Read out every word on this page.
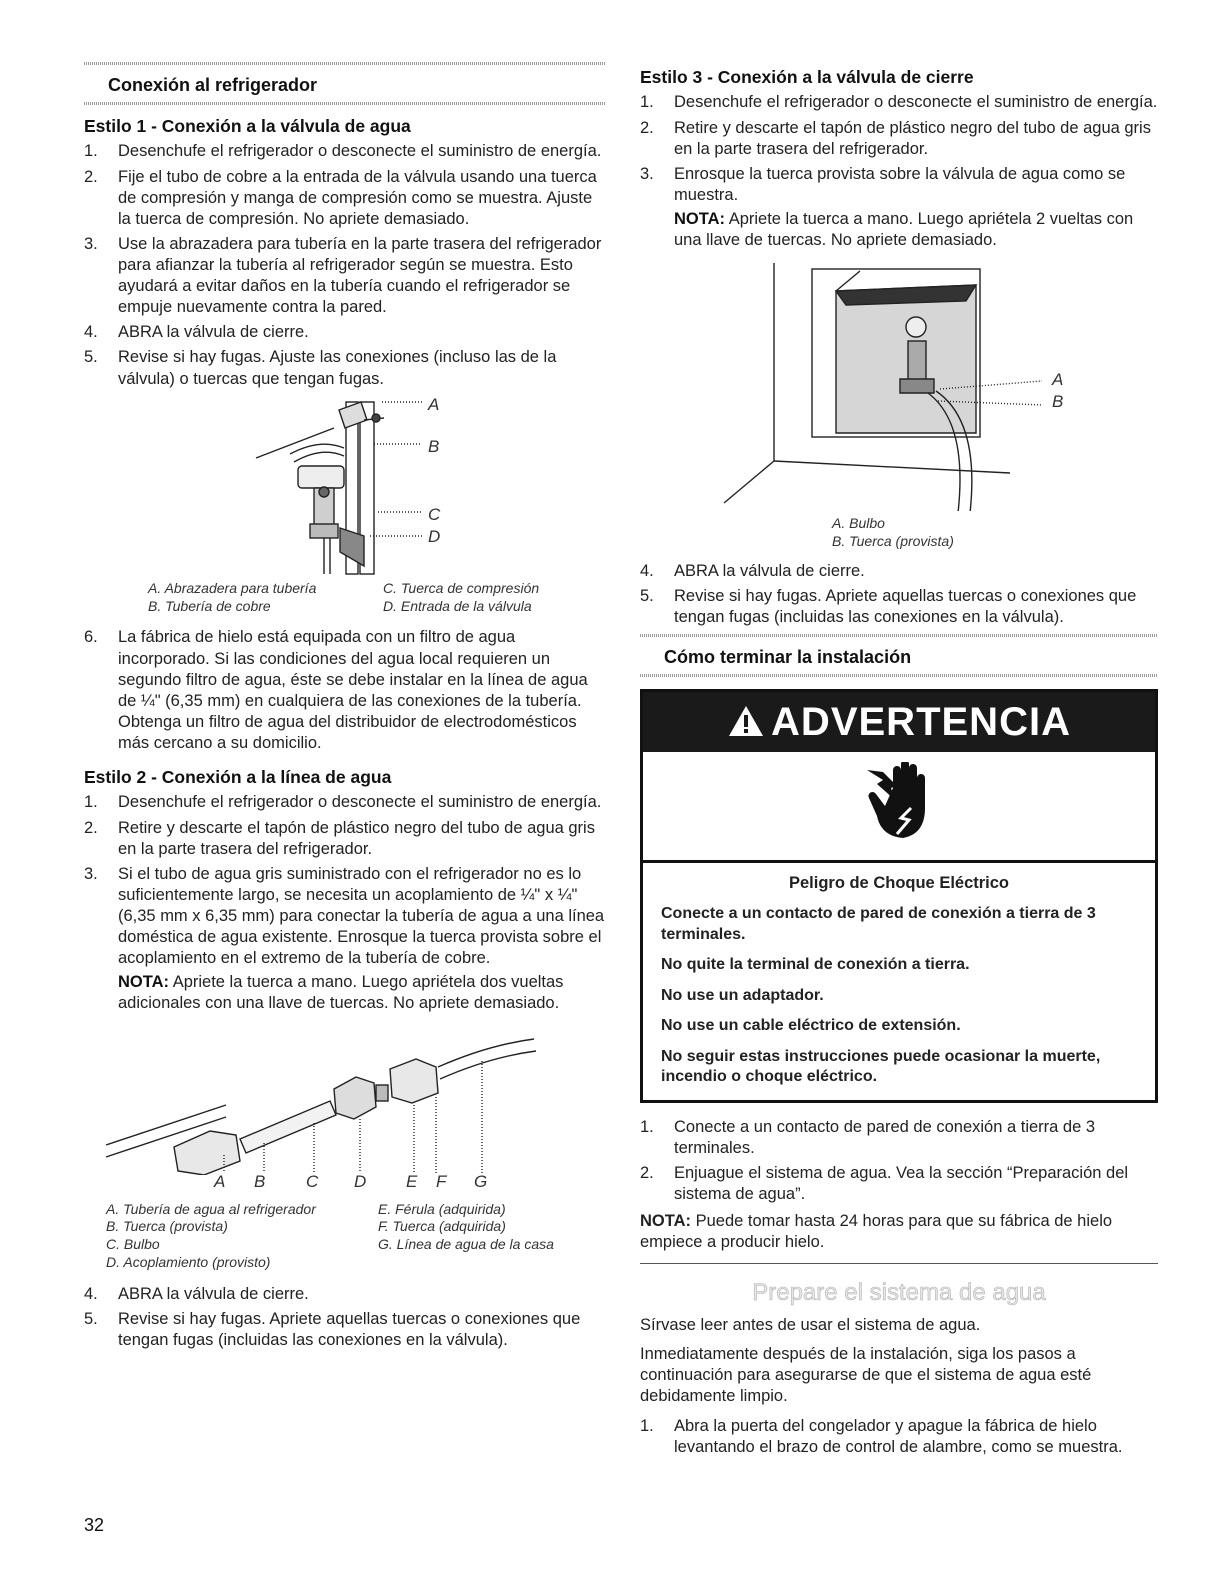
Conexión al refrigerador
Estilo 1 - Conexión a la válvula de agua
1. Desenchufe el refrigerador o desconecte el suministro de energía.
2. Fije el tubo de cobre a la entrada de la válvula usando una tuerca de compresión y manga de compresión como se muestra. Ajuste la tuerca de compresión. No apriete demasiado.
3. Use la abrazadera para tubería en la parte trasera del refrigerador para afianzar la tubería al refrigerador según se muestra. Esto ayudará a evitar daños en la tubería cuando el refrigerador se empuje nuevamente contra la pared.
4. ABRA la válvula de cierre.
5. Revise si hay fugas. Ajuste las conexiones (incluso las de la válvula) o tuercas que tengan fugas.
A
B
C
D
A. Abrazadera para tubería	C. Tuerca de compresión
B. Tubería de cobre	D. Entrada de la válvula
6. La fábrica de hielo está equipada con un filtro de agua incorporado. Si las condiciones del agua local requieren un segundo filtro de agua, éste se debe instalar en la línea de agua de ¼" (6,35 mm) en cualquiera de las conexiones de la tubería. Obtenga un filtro de agua del distribuidor de electrodomésticos más cercano a su domicilio.
Estilo 2 - Conexión a la línea de agua
1. Desenchufe el refrigerador o desconecte el suministro de energía.
2. Retire y descarte el tapón de plástico negro del tubo de agua gris en la parte trasera del refrigerador.
3. Si el tubo de agua gris suministrado con el refrigerador no es lo suficientemente largo, se necesita un acoplamiento de ¼" x ¼" (6,35 mm x 6,35 mm) para conectar la tubería de agua a una línea doméstica de agua existente. Enrosque la tuerca provista sobre el acoplamiento en el extremo de la tubería de cobre.
NOTA: Apriete la tuerca a mano. Luego apriétela dos vueltas adicionales con una llave de tuercas. No apriete demasiado.
A B C D E F G
A. Tubería de agua al refrigerador
B. Tuerca (provista)
C. Bulbo
D. Acoplamiento (provisto)
E. Férula (adquirida)
F. Tuerca (adquirida)
G. Línea de agua de la casa
4. ABRA la válvula de cierre.
5. Revise si hay fugas. Apriete aquellas tuercas o conexiones que tengan fugas (incluidas las conexiones en la válvula).
Estilo 3 - Conexión a la válvula de cierre
1. Desenchufe el refrigerador o desconecte el suministro de energía.
2. Retire y descarte el tapón de plástico negro del tubo de agua gris en la parte trasera del refrigerador.
3. Enrosque la tuerca provista sobre la válvula de agua como se muestra.
NOTA: Apriete la tuerca a mano. Luego apriétela 2 vueltas con una llave de tuercas. No apriete demasiado.
A
B
A. Bulbo
B. Tuerca (provista)
4. ABRA la válvula de cierre.
5. Revise si hay fugas. Apriete aquellas tuercas o conexiones que tengan fugas (incluidas las conexiones en la válvula).
Cómo terminar la instalación
ADVERTENCIA
Peligro de Choque Eléctrico
Conecte a un contacto de pared de conexión a tierra de 3 terminales.
No quite la terminal de conexión a tierra.
No use un adaptador.
No use un cable eléctrico de extensión.
No seguir estas instrucciones puede ocasionar la muerte, incendio o choque eléctrico.
1. Conecte a un contacto de pared de conexión a tierra de 3 terminales.
2. Enjuague el sistema de agua. Vea la sección “Preparación del sistema de agua”.

NOTA: Puede tomar hasta 24 horas para que su fábrica de hielo empiece a producir hielo.

Prepare el sistema de agua

Sírvase leer antes de usar el sistema de agua.

Inmediatamente después de la instalación, siga los pasos a continuación para asegurarse de que el sistema de agua esté debidamente limpio.

1. Abra la puerta del congelador y apague la fábrica de hielo levantando el brazo de control de alambre, como se muestra.
32
